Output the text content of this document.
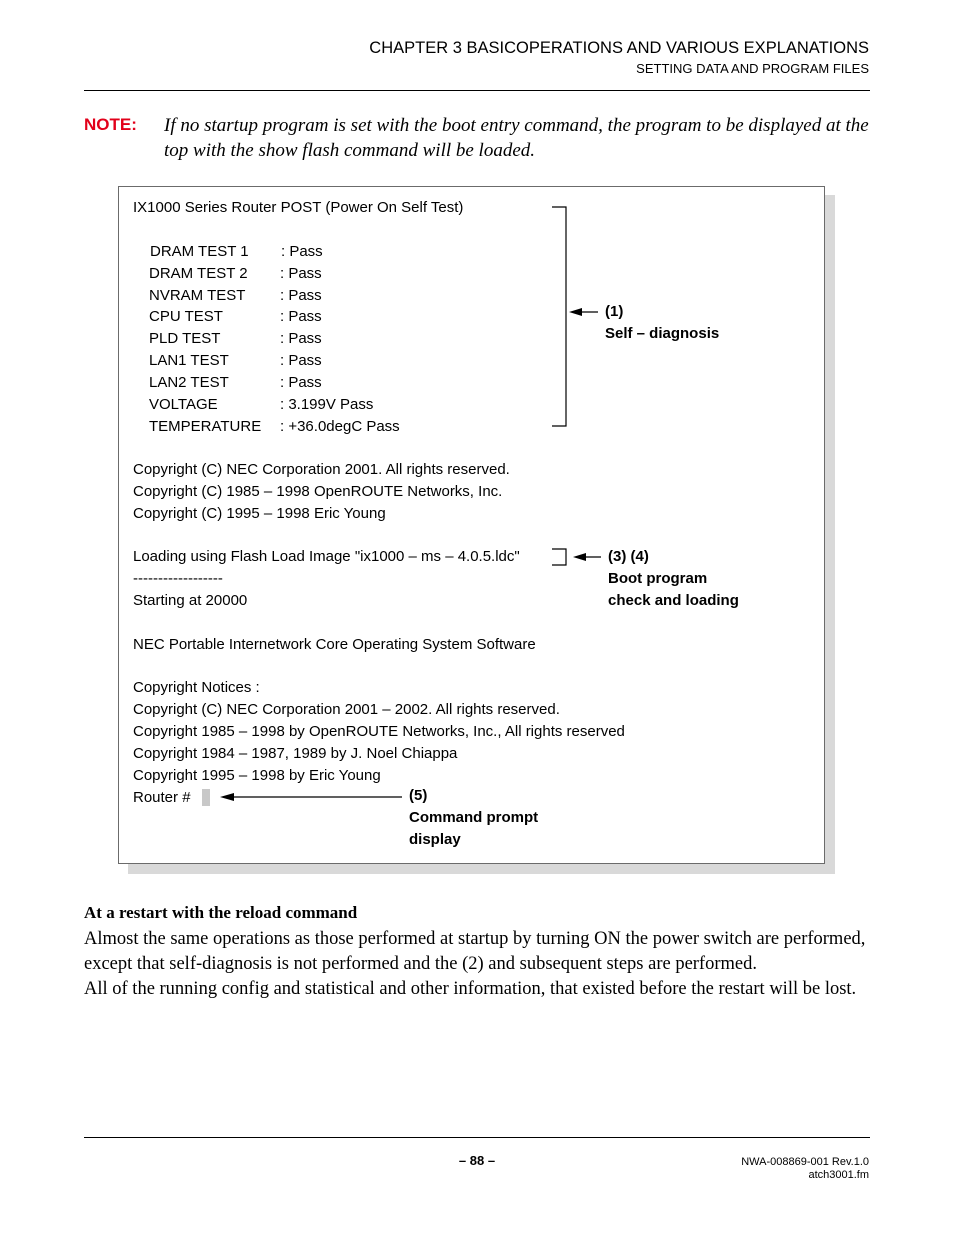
CHAPTER 3 BASICOPERATIONS AND VARIOUS EXPLANATIONS
SETTING DATA AND PROGRAM FILES
NOTE: If no startup program is set with the boot entry command, the program to be displayed at the top with the show flash command will be loaded.
IX1000 Series Router POST (Power On Self Test)
DRAM TEST 1 : Pass
DRAM TEST 2 : Pass
NVRAM TEST : Pass
CPU TEST	: Pass
PLD TEST	: Pass
LAN1 TEST	: Pass
LAN2 TEST	: Pass
VOLTAGE	: 3.199V Pass
TEMPERATURE : +36.0degC Pass
Copyright (C) NEC Corporation 2001. All rights reserved.
Copyright (C) 1985 – 1998 OpenROUTE Networks, Inc.
Copyright (C) 1995 – 1998 Eric Young
Loading using Flash Load Image "ix1000 – ms – 4.0.5.ldc"
------------------
Starting at 20000
NEC Portable Internetwork Core Operating System Software
Copyright Notices :
Copyright (C) NEC Corporation 2001 – 2002. All rights reserved.
Copyright 1985 – 1998 by OpenROUTE Networks, Inc., All rights reserved
Copyright 1984 – 1987, 1989 by J. Noel Chiappa
Copyright 1995 – 1998 by Eric Young
Router #
(1)
Self – diagnosis
(3) (4)
Boot program
check and loading
(5)
Command prompt
display
At a restart with the reload command
Almost the same operations as those performed at startup by turning ON the power switch are performed, except that self-diagnosis is not performed and the (2) and subsequent steps are performed.
All of the running config and statistical and other information, that existed before the restart will be lost.
– 88 –	NWA-008869-001 Rev.1.0
atch3001.fm
